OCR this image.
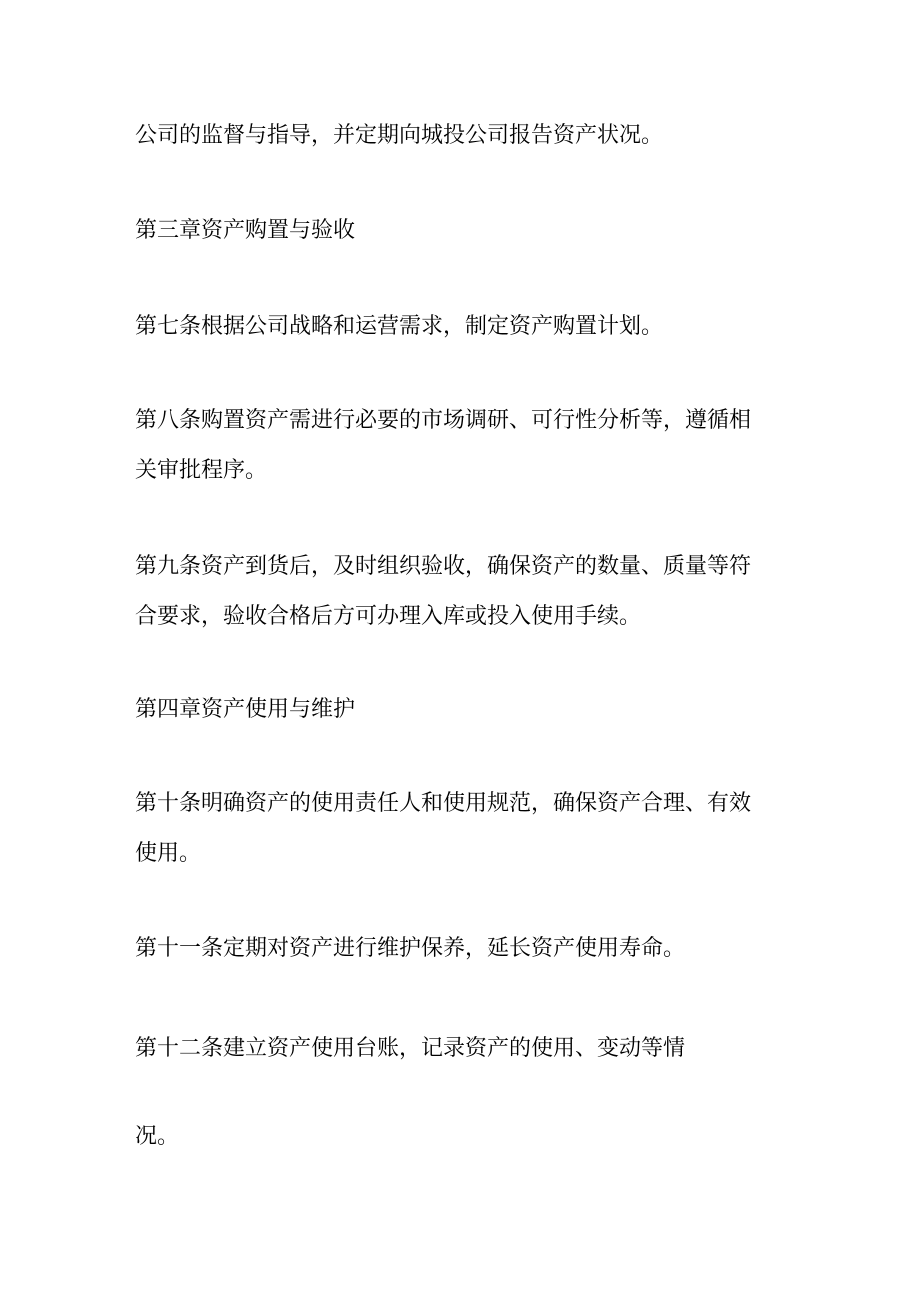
公司的监督与指导，并定期向城投公司报告资产状况。

第三章资产购置与验收

第七条根据公司战略和运营需求，制定资产购置计划。

第八条购置资产需进行必要的市场调研、可行性分析等，遵循相
关审批程序。

第九条资产到货后，及时组织验收，确保资产的数量、质量等符
合要求，验收合格后方可办理入库或投入使用手续。

第四章资产使用与维护

第十条明确资产的使用责任人和使用规范，确保资产合理、有效
使用。

第十一条定期对资产进行维护保养，延长资产使用寿命。

第十二条建立资产使用台账，记录资产的使用、变动等情

况。
